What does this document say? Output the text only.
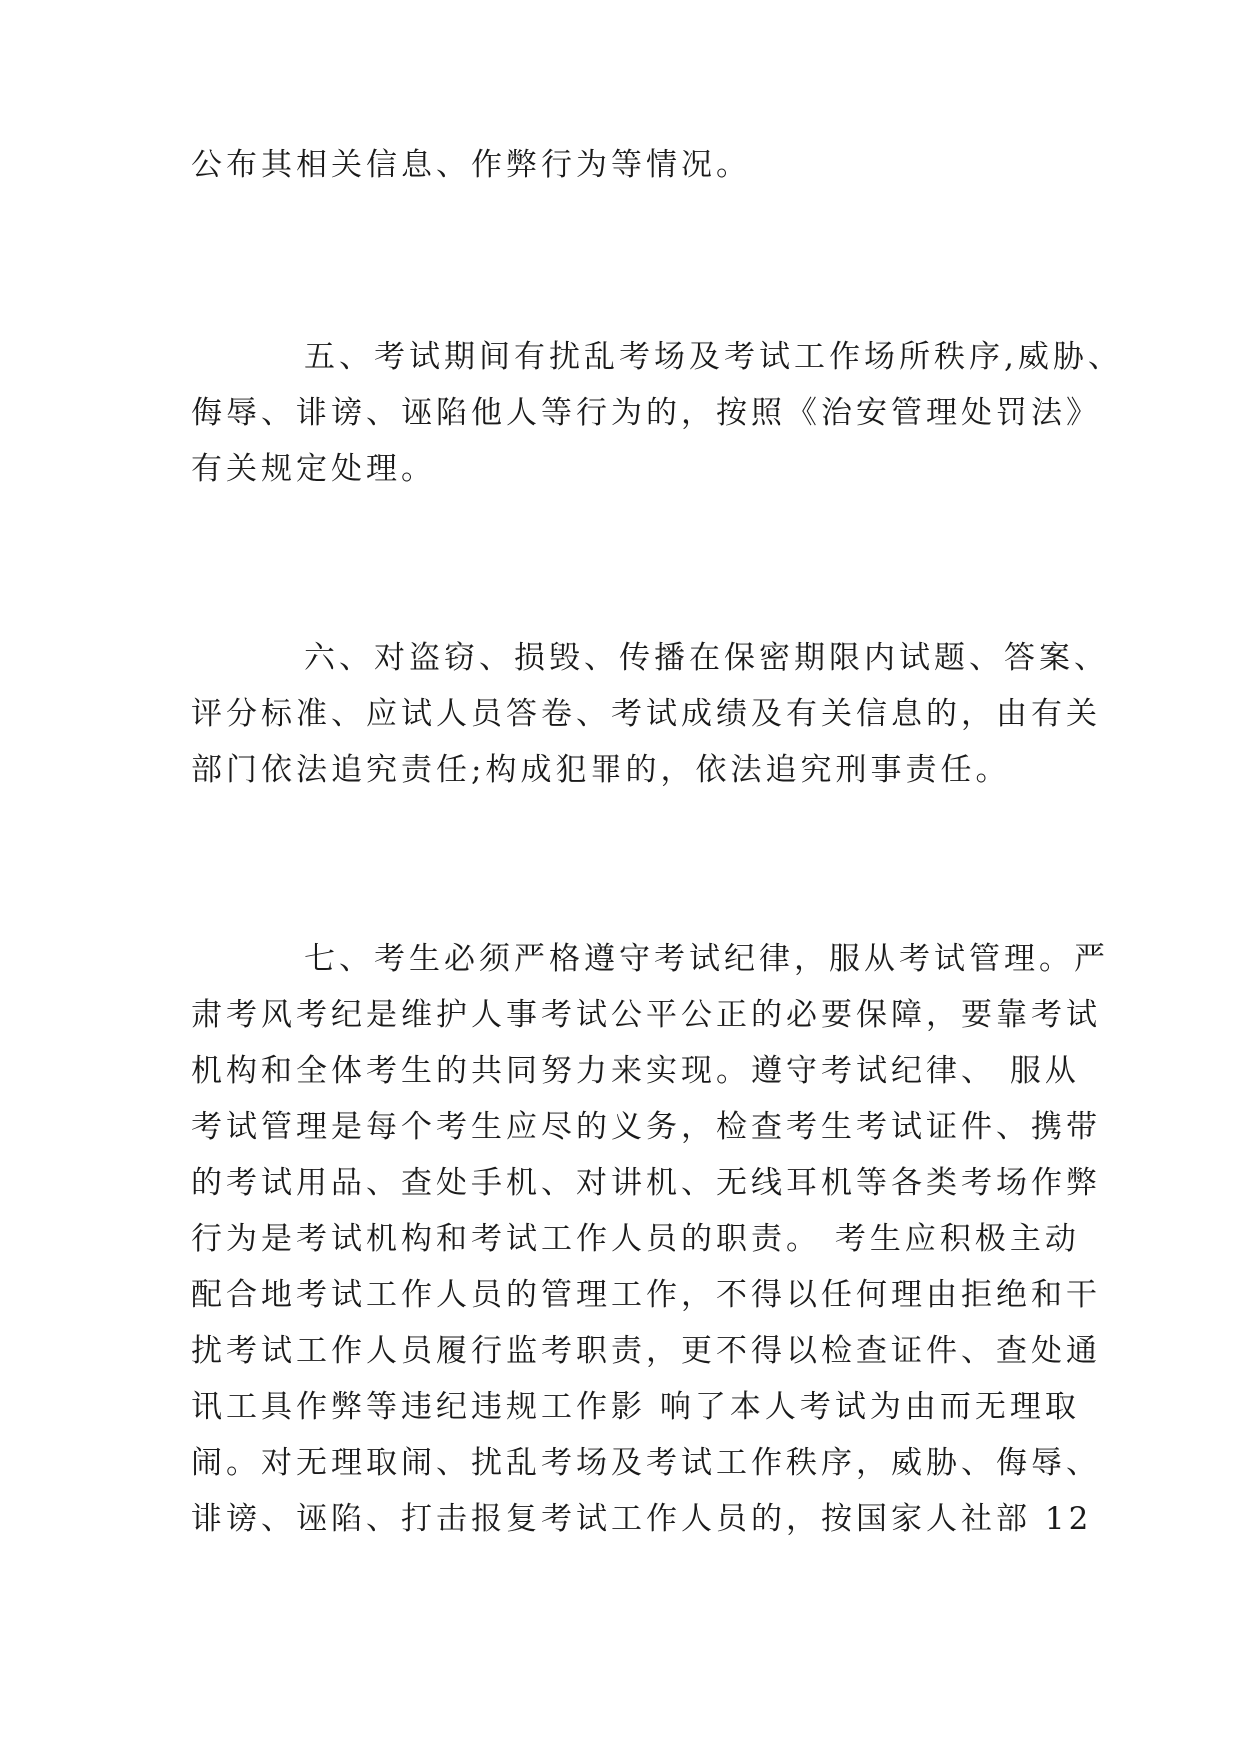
公布其相关信息、作弊行为等情况。
五、考试期间有扰乱考场及考试工作场所秩序,威胁、
侮辱、诽谤、诬陷他人等行为的，按照《治安管理处罚法》
有关规定处理。
六、对盗窃、损毁、传播在保密期限内试题、答案、
评分标准、应试人员答卷、考试成绩及有关信息的，由有关
部门依法追究责任;构成犯罪的，依法追究刑事责任。
七、考生必须严格遵守考试纪律，服从考试管理。严
肃考风考纪是维护人事考试公平公正的必要保障，要靠考试
机构和全体考生的共同努力来实现。遵守考试纪律、 服从
考试管理是每个考生应尽的义务，检查考生考试证件、携带
的考试用品、查处手机、对讲机、无线耳机等各类考场作弊
行为是考试机构和考试工作人员的职责。 考生应积极主动
配合地考试工作人员的管理工作，不得以任何理由拒绝和干
扰考试工作人员履行监考职责，更不得以检查证件、查处通
讯工具作弊等违纪违规工作影 响了本人考试为由而无理取
闹。对无理取闹、扰乱考场及考试工作秩序，威胁、侮辱、
诽谤、诬陷、打击报复考试工作人员的，按国家人社部 12
